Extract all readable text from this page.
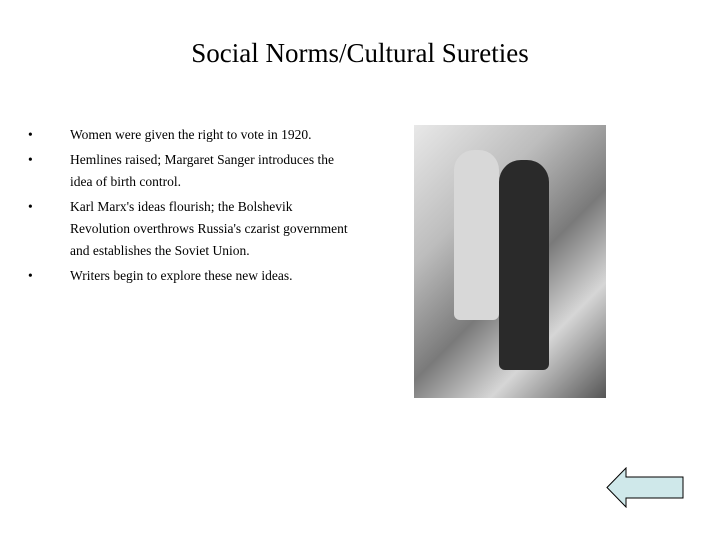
Social Norms/Cultural Sureties
•	Women were given the right to vote in 1920.
•	Hemlines raised; Margaret Sanger introduces the idea of birth control.
•	Karl Marx's ideas flourish; the Bolshevik Revolution overthrows Russia's czarist government and establishes the Soviet Union.
•	Writers begin to explore these new ideas.
